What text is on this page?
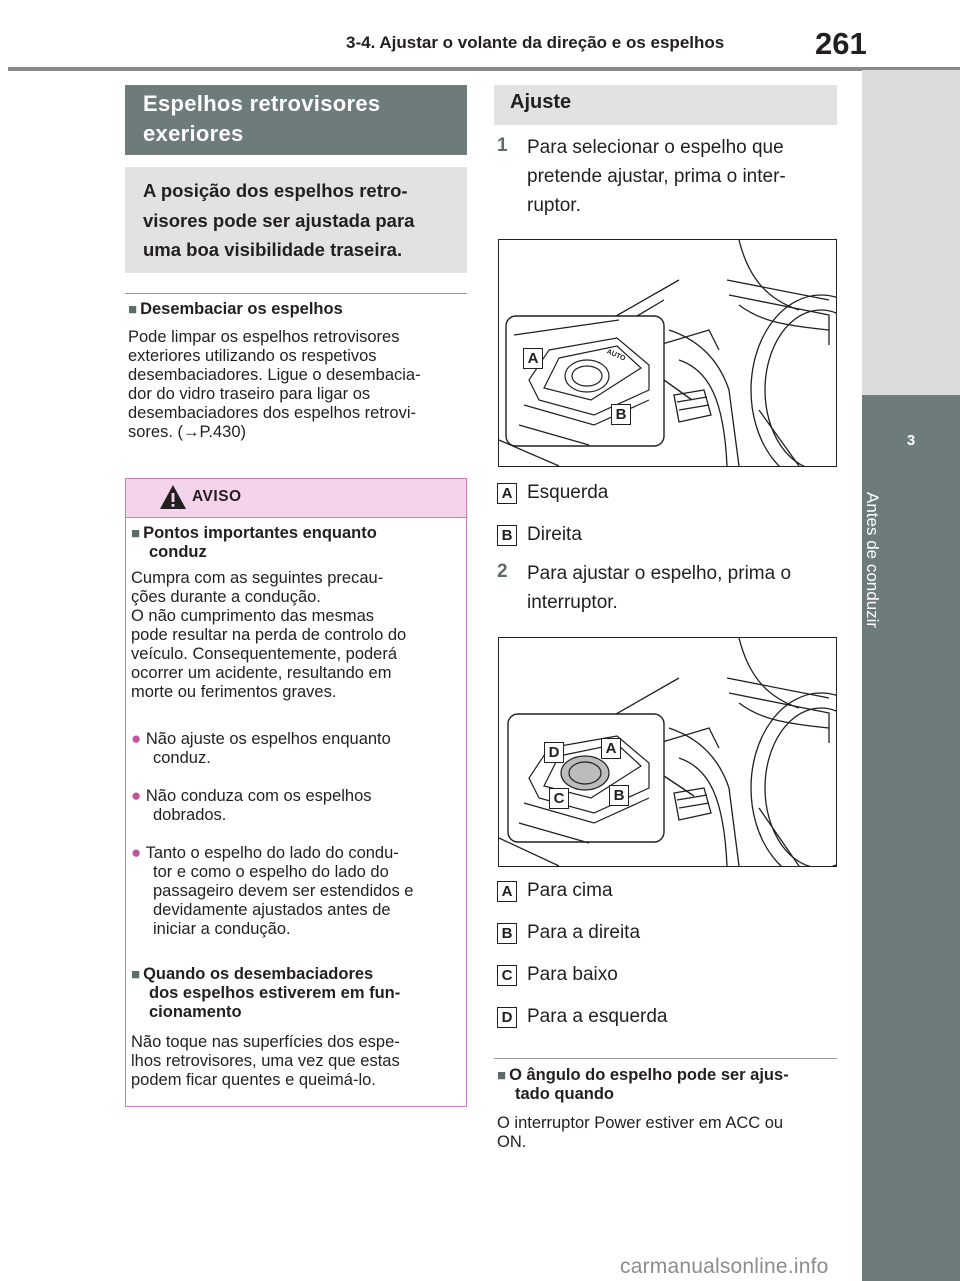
3-4. Ajustar o volante da direção e os espelhos	261
3
Antes de conduzir
Espelhos retrovisores
exeriores
A posição dos espelhos retro-
visores pode ser ajustada para
uma boa visibilidade traseira.
■ Desembaciar os espelhos
Pode limpar os espelhos retrovisores
exteriores utilizando os respetivos
desembaciadores. Ligue o desembacia-
dor do vidro traseiro para ligar os
desembaciadores dos espelhos retrovi-
sores. (→P.430)
AVISO
■ Pontos importantes enquanto
conduz
Cumpra com as seguintes precau-
ções durante a condução.
O não cumprimento das mesmas
pode resultar na perda de controlo do
veículo. Consequentemente, poderá
ocorrer um acidente, resultando em
morte ou ferimentos graves.
● Não ajuste os espelhos enquanto
conduz.
● Não conduza com os espelhos
dobrados.
● Tanto o espelho do lado do condu-
tor e como o espelho do lado do
passageiro devem ser estendidos e
devidamente ajustados antes de
iniciar a condução.
■ Quando os desembaciadores
dos espelhos estiverem em fun-
cionamento
Não toque nas superfícies dos espe-
lhos retrovisores, uma vez que estas
podem ficar quentes e queimá-lo.
Ajuste
1 Para selecionar o espelho que
pretende ajustar, prima o inter-
ruptor.
A
B
AUTO
A Esquerda
B Direita
2 Para ajustar o espelho, prima o
interruptor.
D	A
C	B
A Para cima
B Para a direita
C Para baixo
D Para a esquerda
■ O ângulo do espelho pode ser ajus-
tado quando
O interruptor Power estiver em ACC ou
ON.
carmanualsonline.info
